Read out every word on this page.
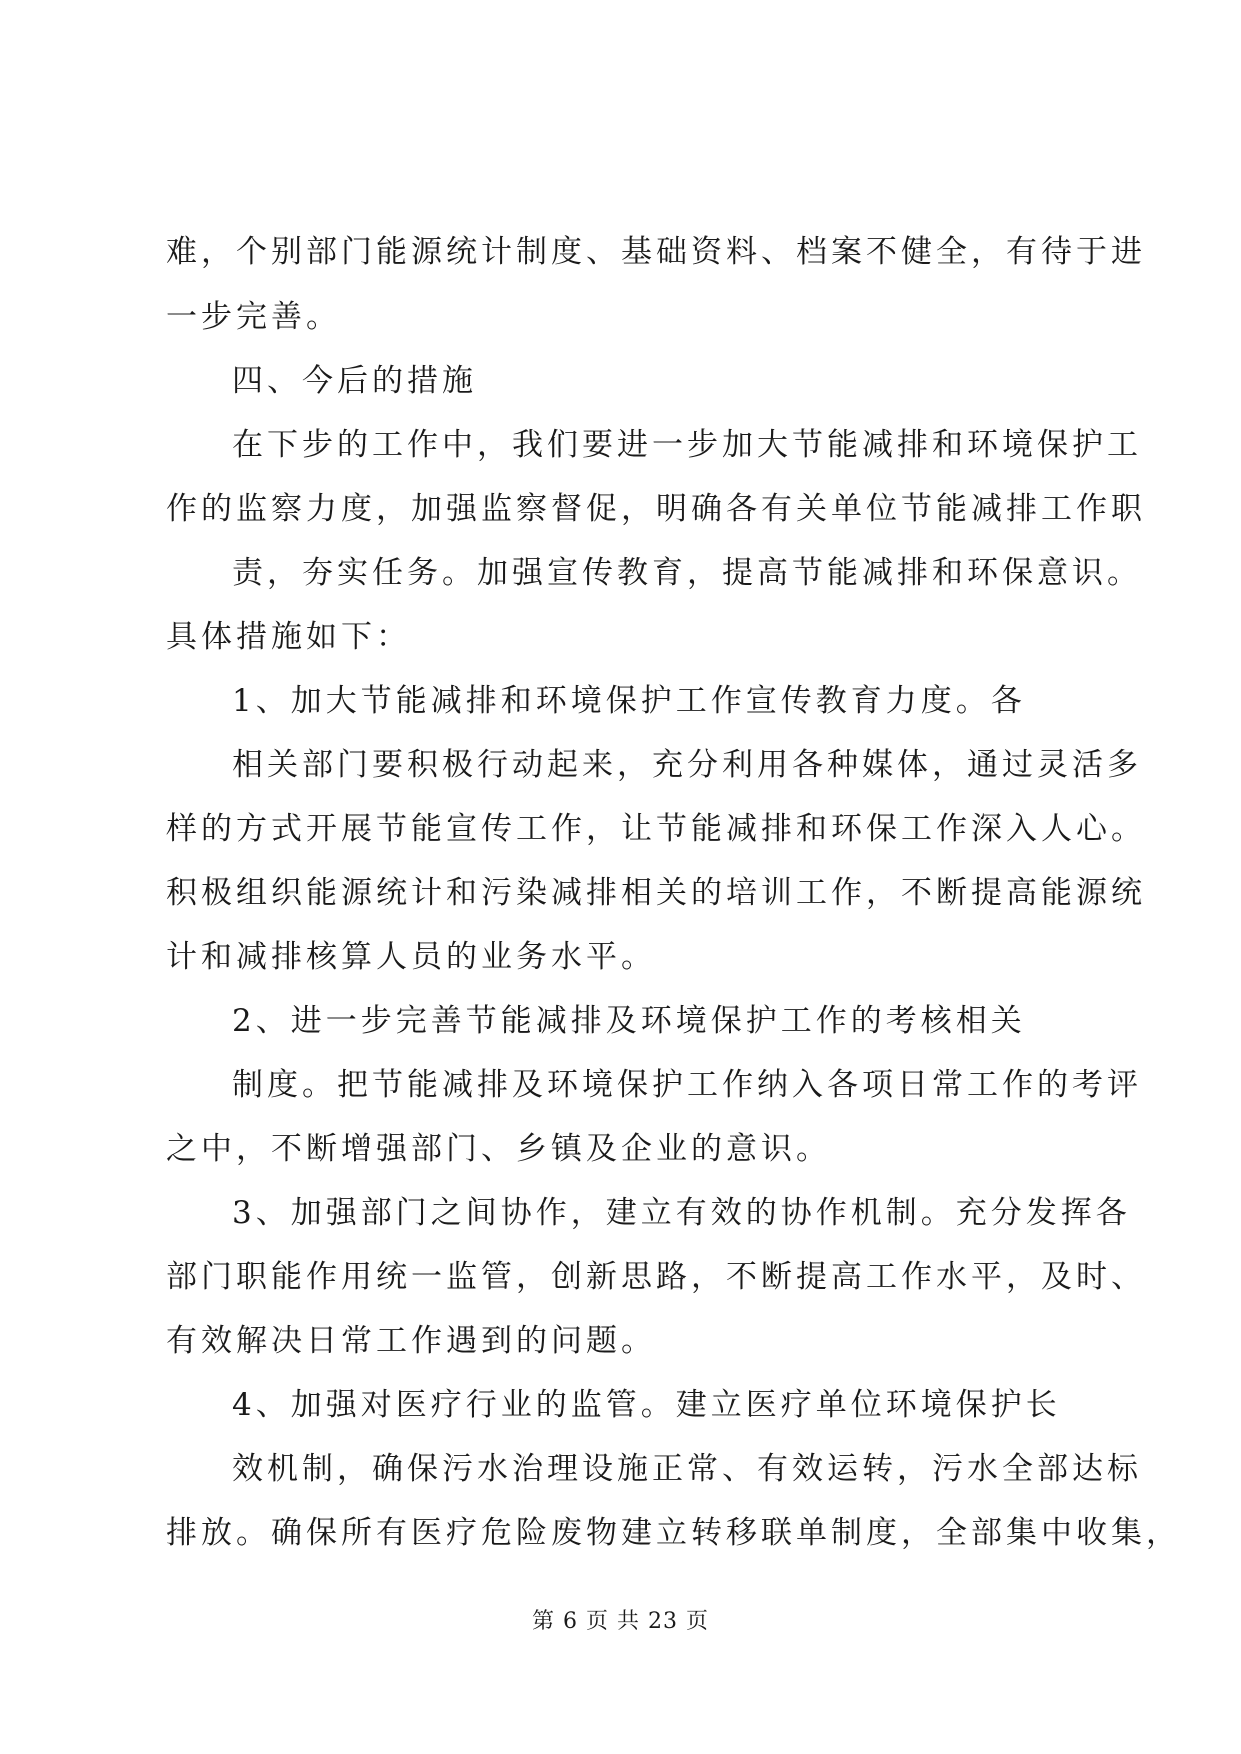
难，个别部门能源统计制度、基础资料、档案不健全，有待于进
一步完善。
四、今后的措施
在下步的工作中，我们要进一步加大节能减排和环境保护工
作的监察力度，加强监察督促，明确各有关单位节能减排工作职
责，夯实任务。加强宣传教育，提高节能减排和环保意识。
具体措施如下：
1、加大节能减排和环境保护工作宣传教育力度。各
相关部门要积极行动起来，充分利用各种媒体，通过灵活多
样的方式开展节能宣传工作，让节能减排和环保工作深入人心。
积极组织能源统计和污染减排相关的培训工作，不断提高能源统
计和减排核算人员的业务水平。
2、进一步完善节能减排及环境保护工作的考核相关
制度。把节能减排及环境保护工作纳入各项日常工作的考评
之中，不断增强部门、乡镇及企业的意识。
3、加强部门之间协作，建立有效的协作机制。充分发挥各
部门职能作用统一监管，创新思路，不断提高工作水平，及时、
有效解决日常工作遇到的问题。
4、加强对医疗行业的监管。建立医疗单位环境保护长
效机制，确保污水治理设施正常、有效运转，污水全部达标
排放。确保所有医疗危险废物建立转移联单制度，全部集中收集，
第 6 页 共 23 页
